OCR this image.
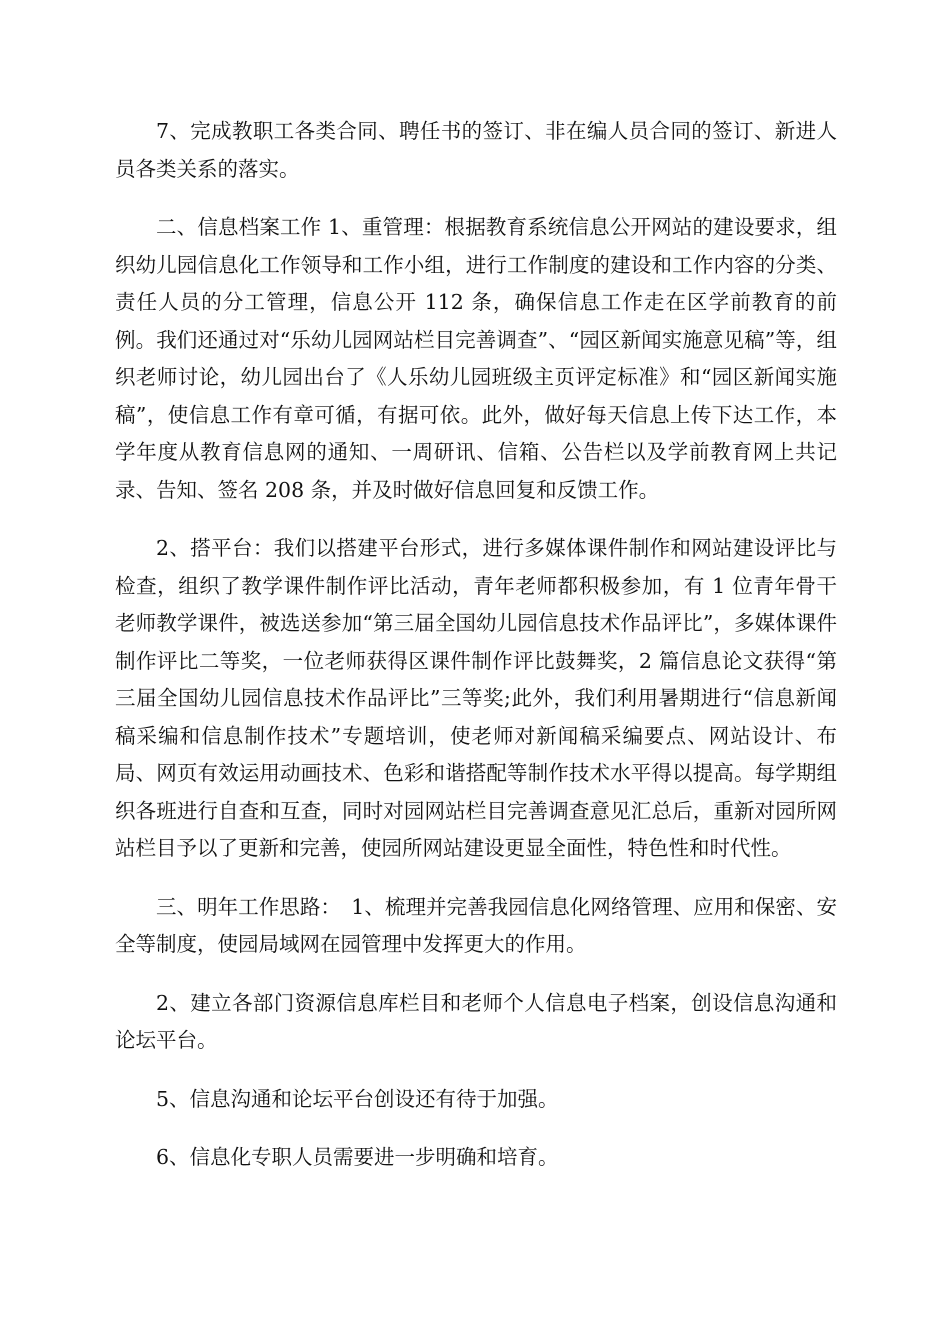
7、完成教职工各类合同、聘任书的签订、非在编人员合同的签订、新进人员各类关系的落实。

二、信息档案工作 1、重管理：根据教育系统信息公开网站的建设要求，组织幼儿园信息化工作领导和工作小组，进行工作制度的建设和工作内容的分类、责任人员的分工管理，信息公开 112 条，确保信息工作走在区学前教育的前例。我们还通过对“乐幼儿园网站栏目完善调查”、“园区新闻实施意见稿”等，组织老师讨论，幼儿园出台了《人乐幼儿园班级主页评定标准》和“园区新闻实施稿”，使信息工作有章可循，有据可依。此外，做好每天信息上传下达工作，本学年度从教育信息网的通知、一周研讯、信箱、公告栏以及学前教育网上共记录、告知、签名 208 条，并及时做好信息回复和反馈工作。

2、搭平台：我们以搭建平台形式，进行多媒体课件制作和网站建设评比与检查，组织了教学课件制作评比活动，青年老师都积极参加，有 1 位青年骨干老师教学课件，被选送参加“第三届全国幼儿园信息技术作品评比”，多媒体课件制作评比二等奖，一位老师获得区课件制作评比鼓舞奖，2 篇信息论文获得“第三届全国幼儿园信息技术作品评比”三等奖;此外，我们利用暑期进行“信息新闻稿采编和信息制作技术”专题培训，使老师对新闻稿采编要点、网站设计、布局、网页有效运用动画技术、色彩和谐搭配等制作技术水平得以提高。每学期组织各班进行自查和互查，同时对园网站栏目完善调查意见汇总后，重新对园所网站栏目予以了更新和完善，使园所网站建设更显全面性，特色性和时代性。

三、明年工作思路：　1、梳理并完善我园信息化网络管理、应用和保密、安全等制度，使园局域网在园管理中发挥更大的作用。

2、建立各部门资源信息库栏目和老师个人信息电子档案，创设信息沟通和论坛平台。

5、信息沟通和论坛平台创设还有待于加强。

6、信息化专职人员需要进一步明确和培育。
